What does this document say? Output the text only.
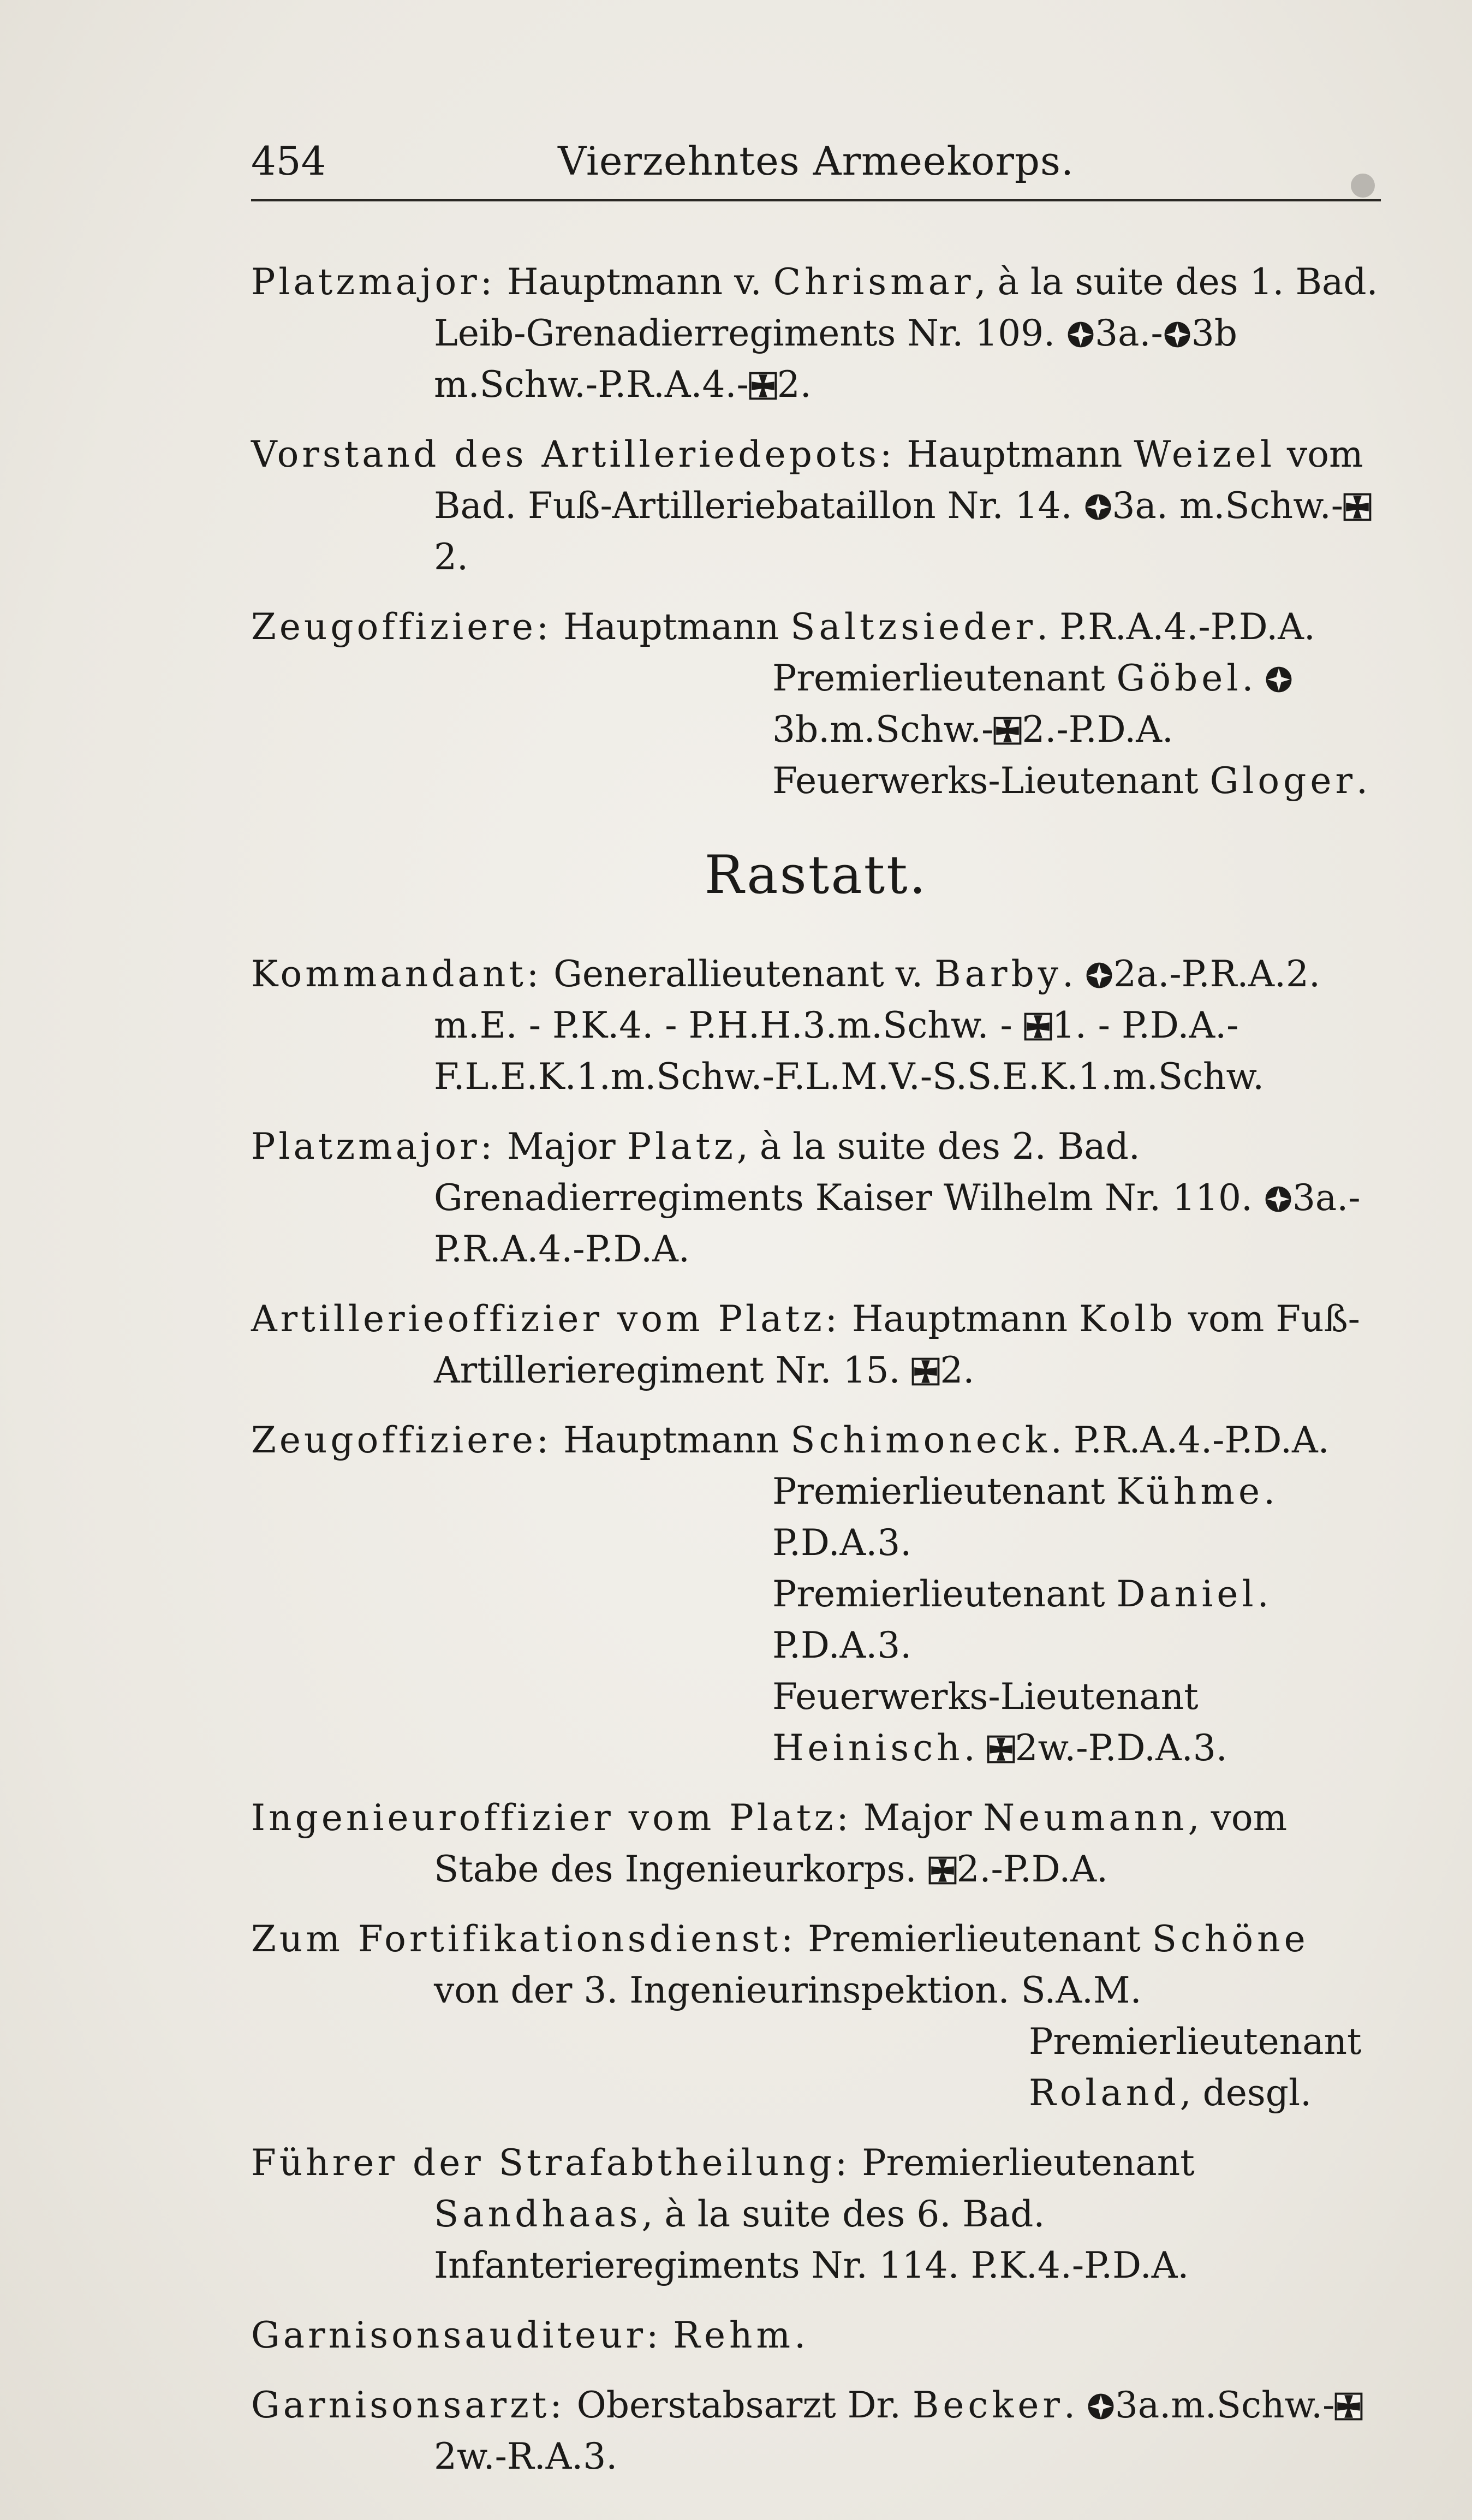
454	Vierzehntes Armeekorps.

Platzmajor: Hauptmann v. Chrismar, à la suite des 1. Bad. Leib-Grenadierregiments Nr. 109. 3a.- 3b m.Schw.-P.R.A.4.- 2.

Vorstand des Artilleriedepots: Hauptmann Weizel vom Bad. Fuß-Artilleriebataillon Nr. 14. 3a. m.Schw.-2.

Zeugoffiziere: Hauptmann Saltzsieder. P.R.A.4.-P.D.A.
Premierlieutenant Göbel. 3b.m.Schw.- 2.-P.D.A.
Feuerwerks-Lieutenant Gloger.

Rastatt.

Kommandant: Generallieutenant v. Barby. 2a.-P.R.A.2. m.E. - P.K.4. - P.H.H.3.m.Schw. - 1. - P.D.A.-F.L.E.K.1.m.Schw.-F.L.M.V.-S.S.E.K.1.m.Schw.

Platzmajor: Major Platz, à la suite des 2. Bad. Grenadierregiments Kaiser Wilhelm Nr. 110. 3a.-P.R.A.4.-P.D.A.

Artillerieoffizier vom Platz: Hauptmann Kolb vom Fuß-Artillerieregiment Nr. 15. 2.

Zeugoffiziere: Hauptmann Schimoneck. P.R.A.4.-P.D.A.
Premierlieutenant Kühme. P.D.A.3.
Premierlieutenant Daniel. P.D.A.3.
Feuerwerks-Lieutenant Heinisch. 2w.-P.D.A.3.

Ingenieuroffizier vom Platz: Major Neumann, vom Stabe des Ingenieurkorps. 2.-P.D.A.

Zum Fortifikationsdienst: Premierlieutenant Schöne von der 3. Ingenieurinspektion. S.A.M.
Premierlieutenant Roland, desgl.

Führer der Strafabtheilung: Premierlieutenant Sandhaas, à la suite des 6. Bad. Infanterieregiments Nr. 114. P.K.4.-P.D.A.

Garnisonsauditeur: Rehm.

Garnisonsarzt: Oberstabsarzt Dr. Becker. 3a.m.Schw.-2w.-R.A.3.
